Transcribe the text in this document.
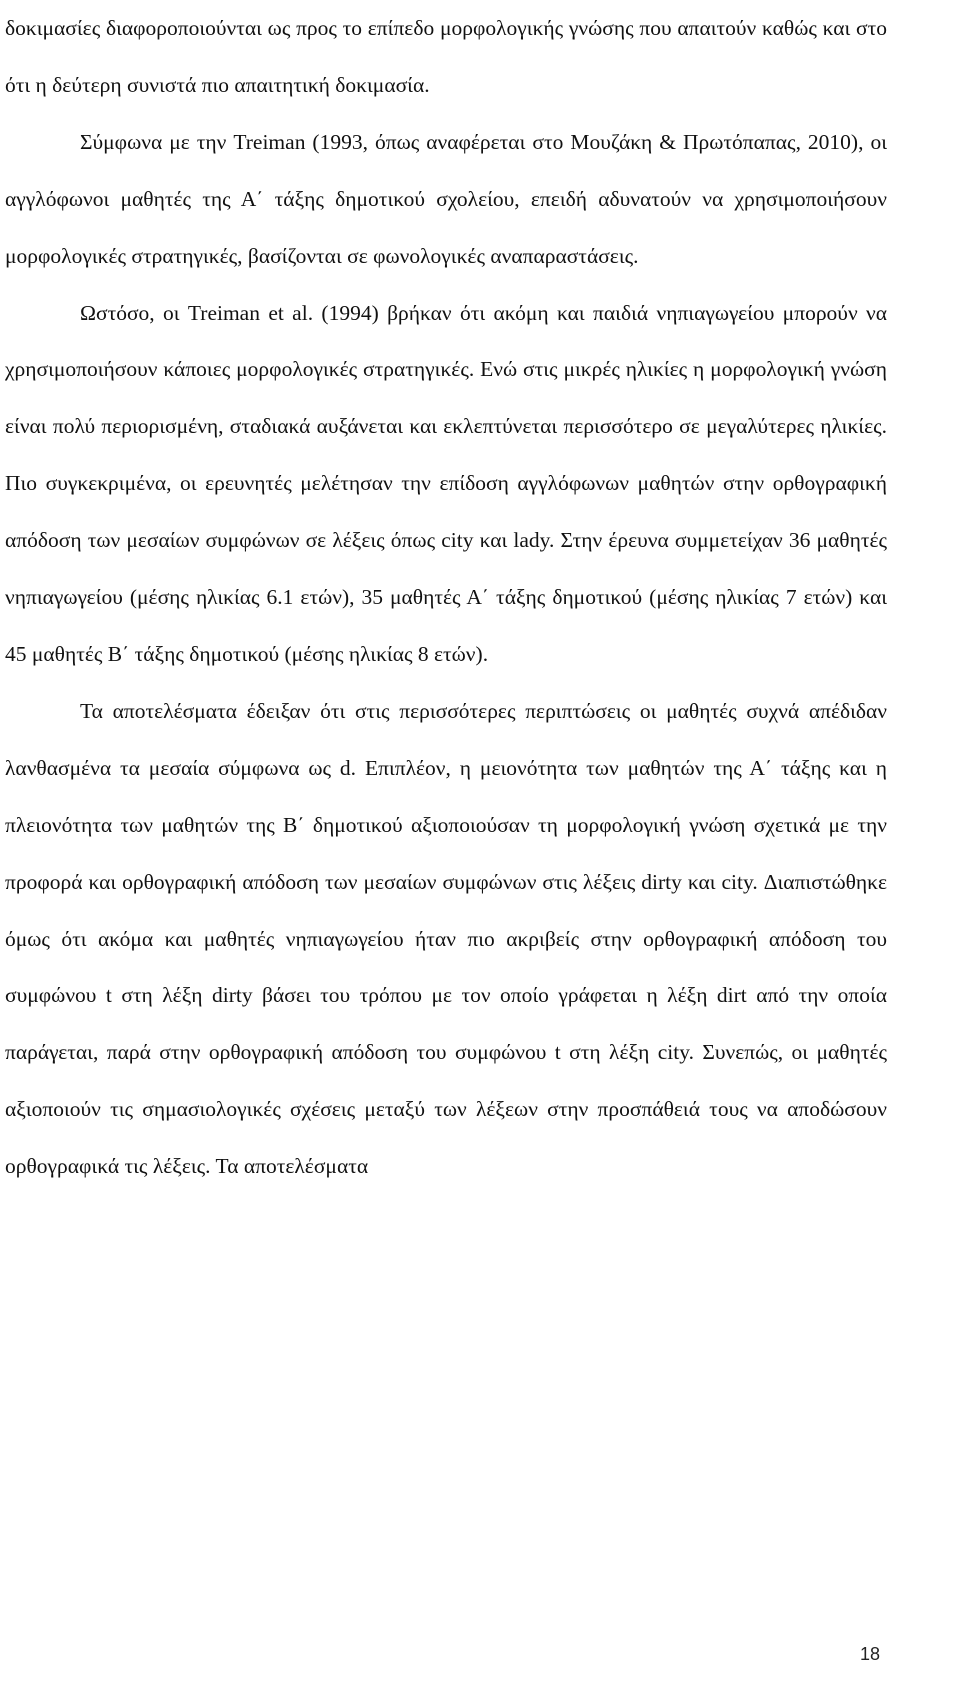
δοκιμασίες διαφοροποιούνται ως προς το επίπεδο μορφολογικής γνώσης που απαιτούν καθώς και στο ότι η δεύτερη συνιστά πιο απαιτητική δοκιμασία.

Σύμφωνα με την Treiman (1993, όπως αναφέρεται στο Μουζάκη & Πρωτόπαπας, 2010), οι αγγλόφωνοι μαθητές της Α΄ τάξης δημοτικού σχολείου, επειδή αδυνατούν να χρησιμοποιήσουν μορφολογικές στρατηγικές, βασίζονται σε φωνολογικές αναπαραστάσεις.

Ωστόσο, οι Treiman et al. (1994) βρήκαν ότι ακόμη και παιδιά νηπιαγωγείου μπορούν να χρησιμοποιήσουν κάποιες μορφολογικές στρατηγικές. Ενώ στις μικρές ηλικίες η μορφολογική γνώση είναι πολύ περιορισμένη, σταδιακά αυξάνεται και εκλεπτύνεται περισσότερο σε μεγαλύτερες ηλικίες. Πιο συγκεκριμένα, οι ερευνητές μελέτησαν την επίδοση αγγλόφωνων μαθητών στην ορθογραφική απόδοση των μεσαίων συμφώνων σε λέξεις όπως city και lady. Στην έρευνα συμμετείχαν 36 μαθητές νηπιαγωγείου (μέσης ηλικίας 6.1 ετών), 35 μαθητές Α΄ τάξης δημοτικού (μέσης ηλικίας 7 ετών) και 45 μαθητές Β΄ τάξης δημοτικού (μέσης ηλικίας 8 ετών).

Τα αποτελέσματα έδειξαν ότι στις περισσότερες περιπτώσεις οι μαθητές συχνά απέδιδαν λανθασμένα τα μεσαία σύμφωνα ως d. Επιπλέον, η μειονότητα των μαθητών της Α΄ τάξης και η πλειονότητα των μαθητών της Β΄ δημοτικού αξιοποιούσαν τη μορφολογική γνώση σχετικά με την προφορά και ορθογραφική απόδοση των μεσαίων συμφώνων στις λέξεις dirty και city. Διαπιστώθηκε όμως ότι ακόμα και μαθητές νηπιαγωγείου ήταν πιο ακριβείς στην ορθογραφική απόδοση του συμφώνου t στη λέξη dirty βάσει του τρόπου με τον οποίο γράφεται η λέξη dirt από την οποία παράγεται, παρά στην ορθογραφική απόδοση του συμφώνου t στη λέξη city. Συνεπώς, οι μαθητές αξιοποιούν τις σημασιολογικές σχέσεις μεταξύ των λέξεων στην προσπάθειά τους να αποδώσουν ορθογραφικά τις λέξεις. Τα αποτελέσματα

18
